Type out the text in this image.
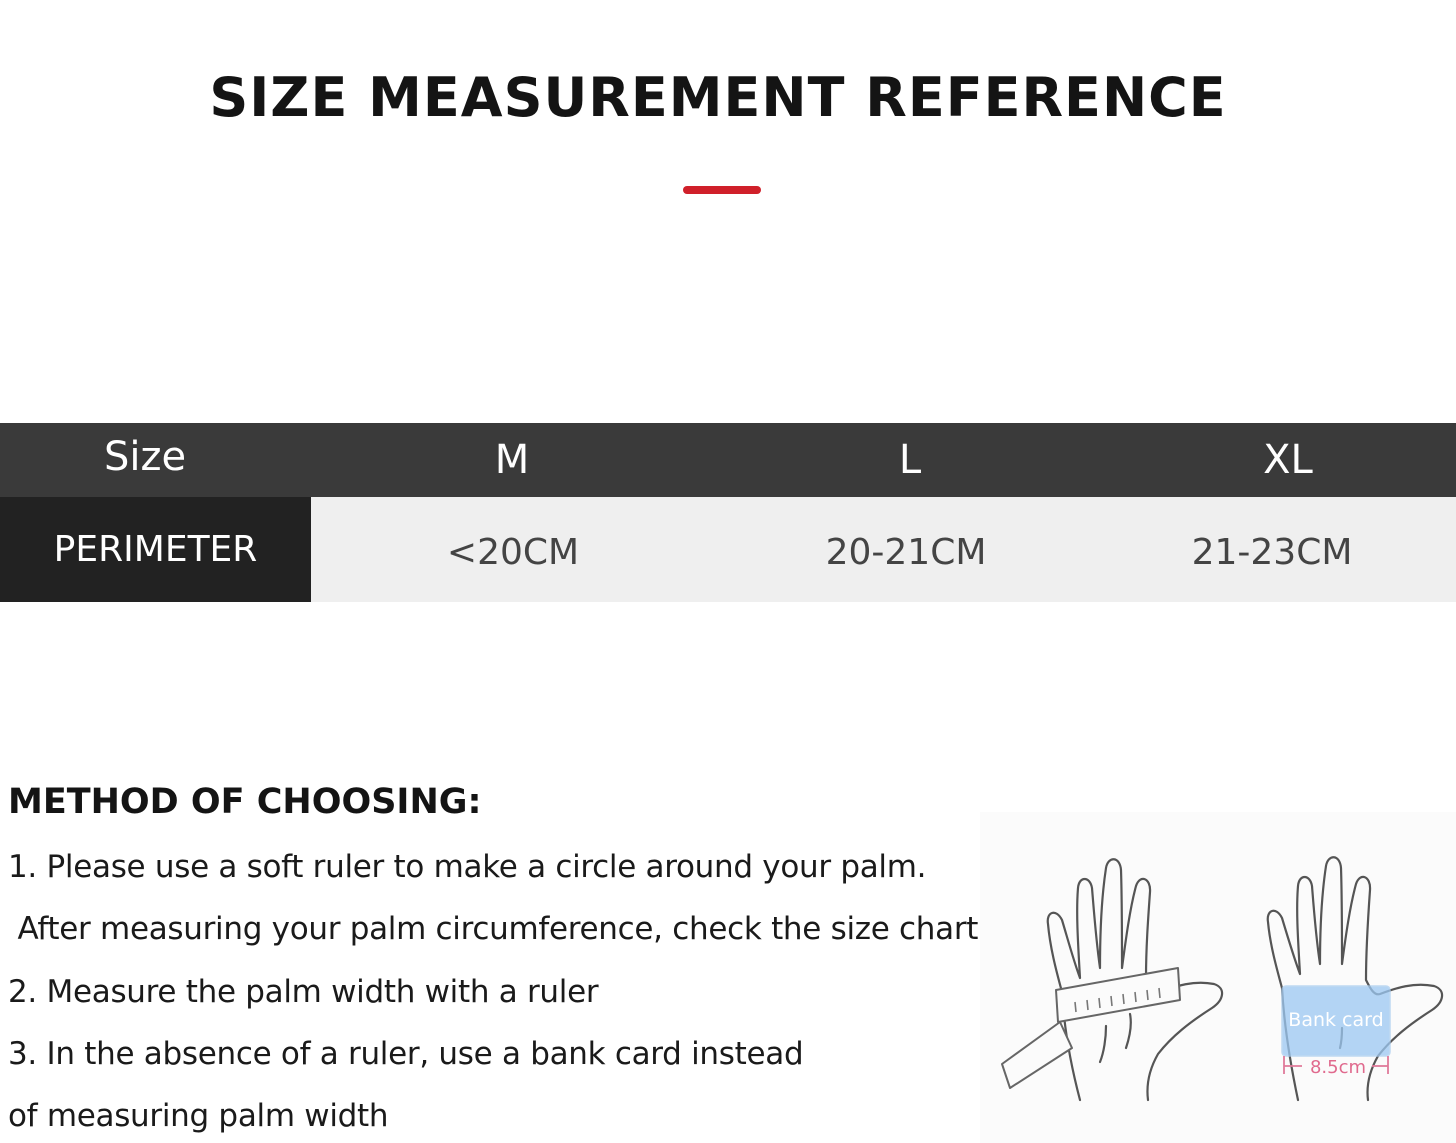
SIZE MEASUREMENT REFERENCE
Size	M	L	XL
PERIMETER	<20CM	20-21CM	21-23CM
METHOD OF CHOOSING:
1. Please use a soft ruler to make a circle around your palm.
After measuring your palm circumference, check the size chart
2. Measure the palm width with a ruler
3. In the absence of a ruler, use a bank card instead
of measuring palm width
Bank card
8.5cm
